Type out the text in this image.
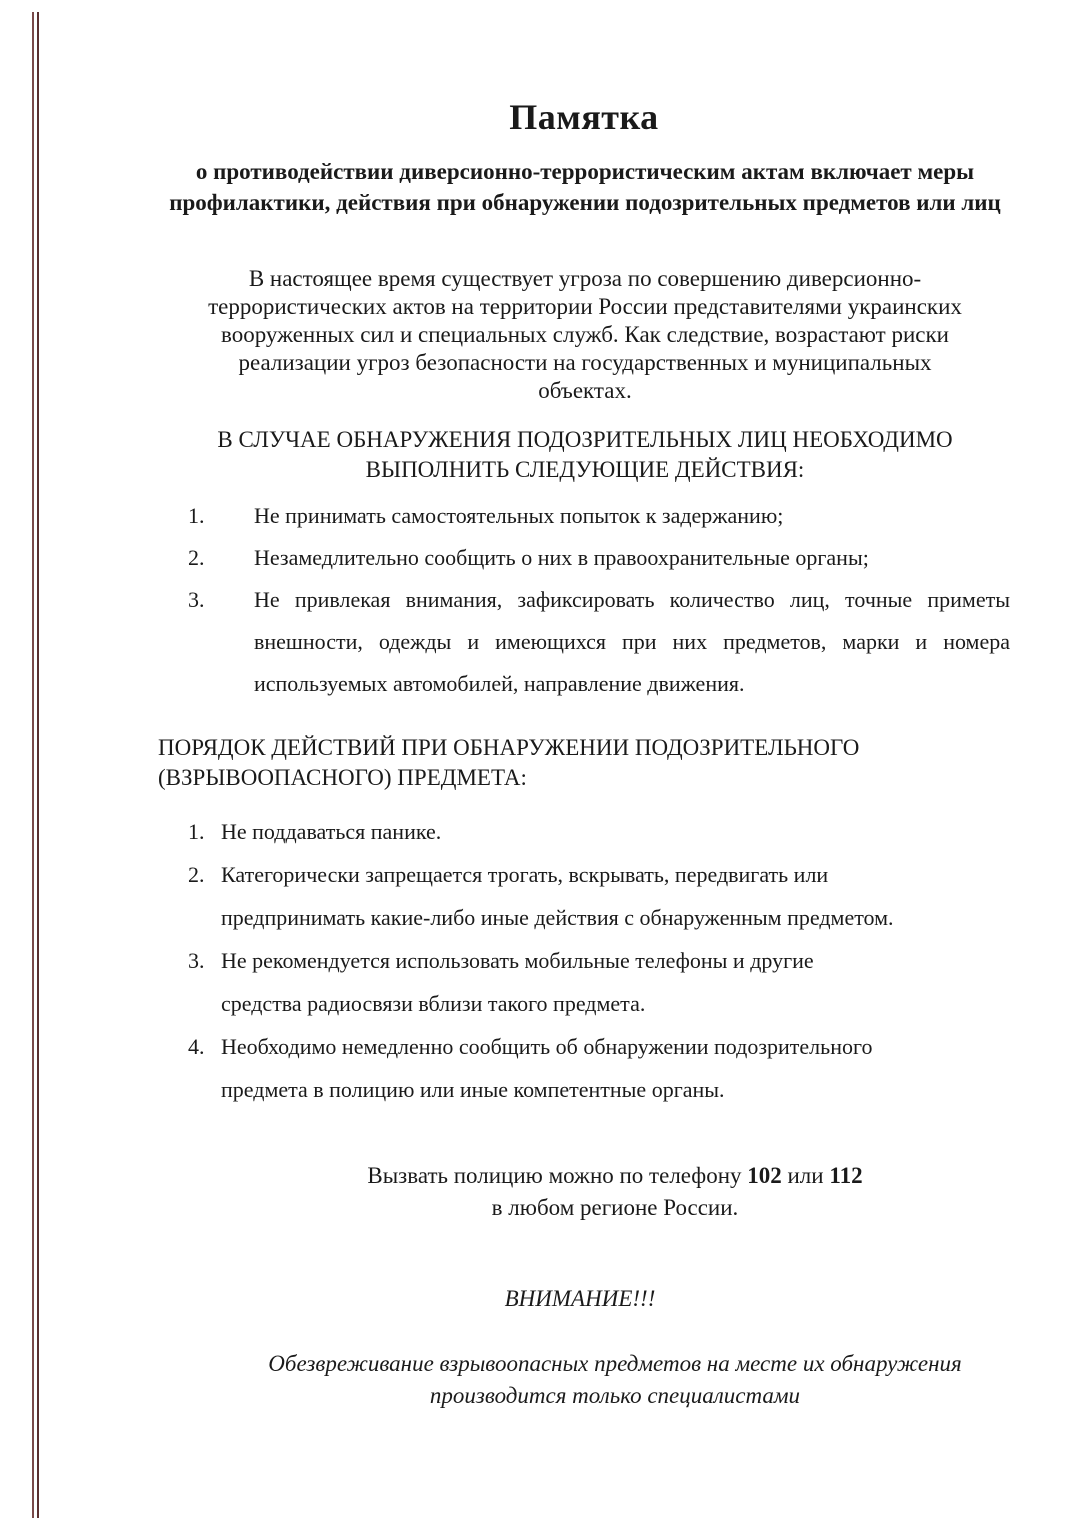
Памятка
о противодействии диверсионно-террористическим актам включает меры профилактики, действия при обнаружении подозрительных предметов или лиц
В настоящее время существует угроза по совершению диверсионно-
террористических актов на территории России представителями украинских
вооруженных сил и специальных служб. Как следствие, возрастают риски
реализации угроз безопасности на государственных и муниципальных
объектах.
В СЛУЧАЕ ОБНАРУЖЕНИЯ ПОДОЗРИТЕЛЬНЫХ ЛИЦ НЕОБХОДИМО
ВЫПОЛНИТЬ СЛЕДУЮЩИЕ ДЕЙСТВИЯ:
1.	Не принимать самостоятельных попыток к задержанию;
2.	Незамедлительно сообщить о них в правоохранительные органы;
3.	Не привлекая внимания, зафиксировать количество лиц, точные приметы внешности, одежды и имеющихся при них предметов, марки и номера используемых автомобилей, направление движения.
ПОРЯДОК ДЕЙСТВИЙ ПРИ ОБНАРУЖЕНИИ ПОДОЗРИТЕЛЬНОГО
(ВЗРЫВООПАСНОГО) ПРЕДМЕТА:
1. Не поддаваться панике.
2. Категорически запрещается трогать, вскрывать, передвигать или
предпринимать какие-либо иные действия с обнаруженным предметом.
3. Не рекомендуется использовать мобильные телефоны и другие
средства радиосвязи вблизи такого предмета.
4. Необходимо немедленно сообщить об обнаружении подозрительного
предмета в полицию или иные компетентные органы.
Вызвать полицию можно по телефону 102 или 112
в любом регионе России.
ВНИМАНИЕ!!!
Обезвреживание взрывоопасных предметов на месте их обнаружения
производится только специалистами
